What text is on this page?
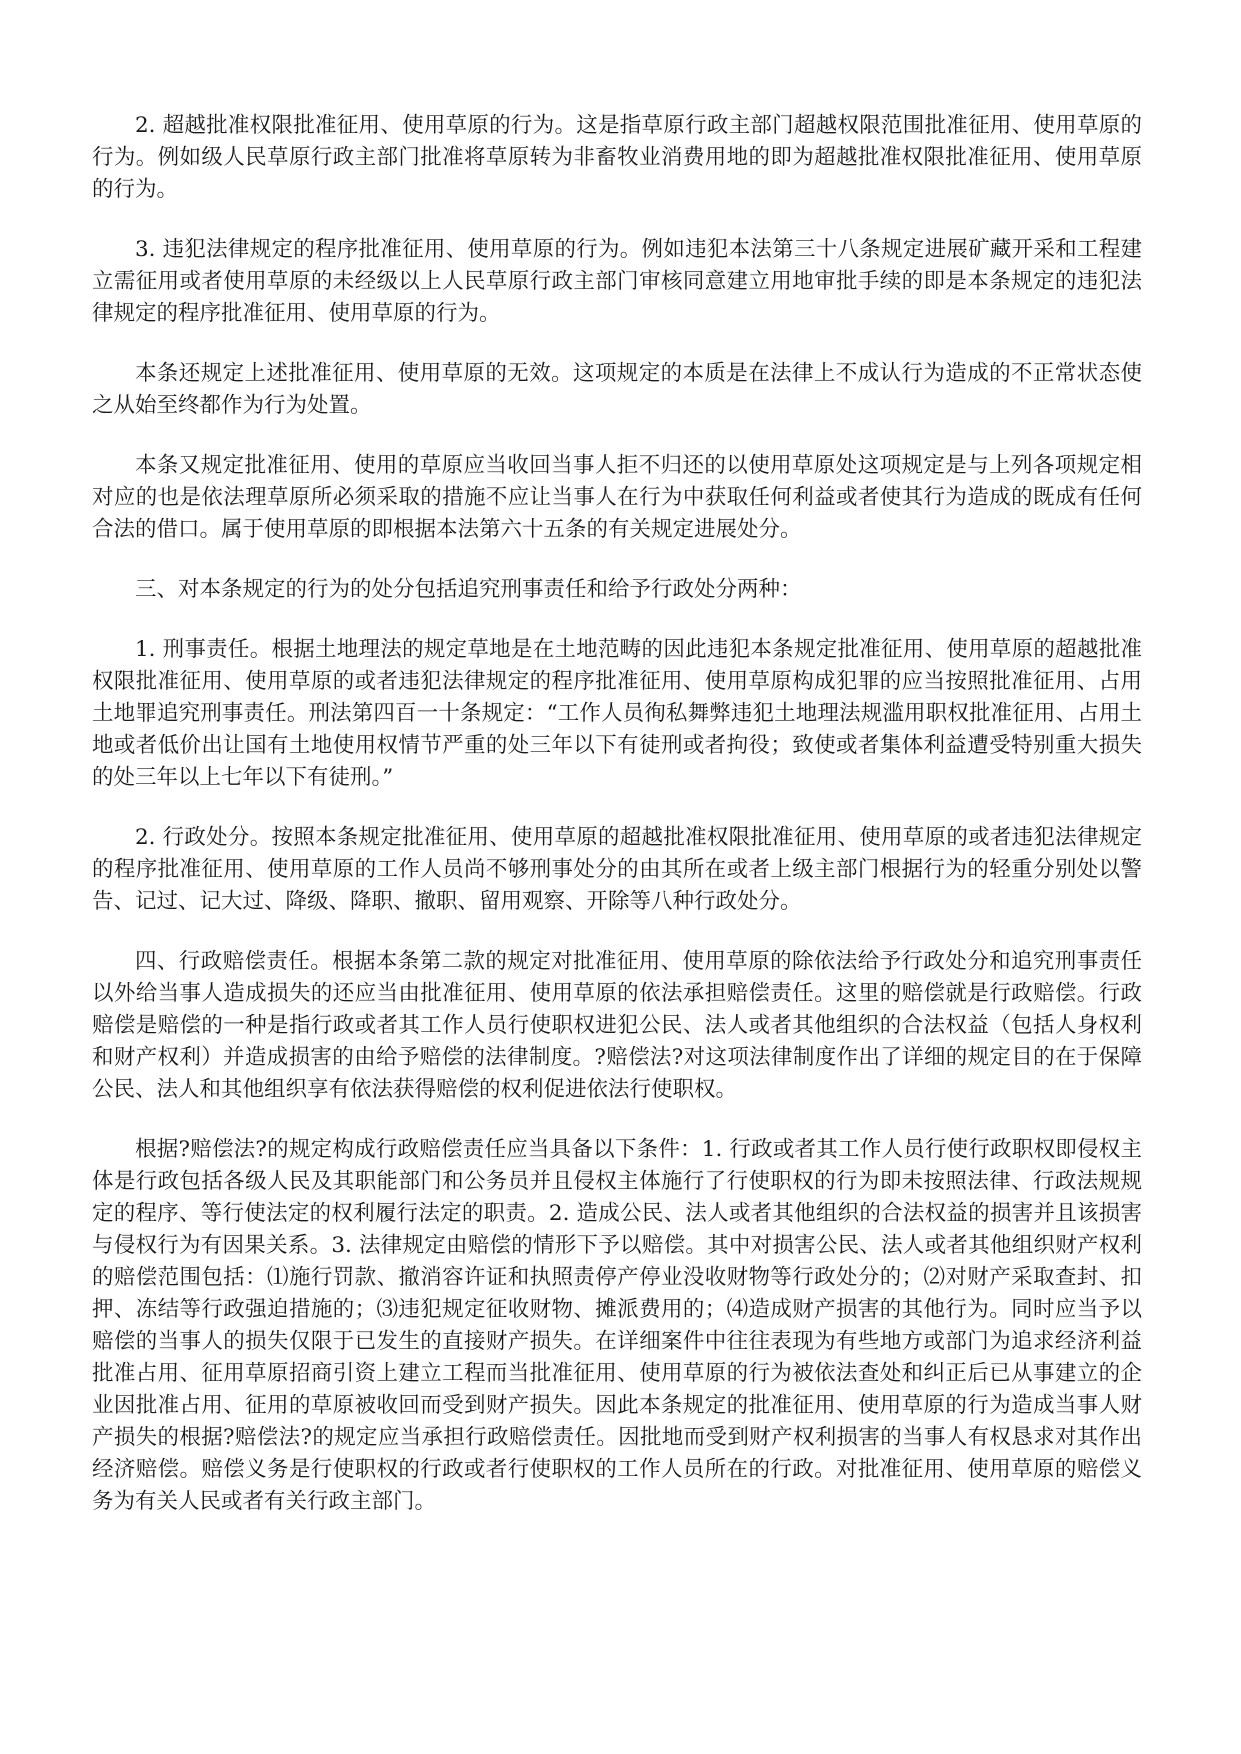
2. 超越批准权限批准征用、使用草原的行为。这是指草原行政主部门超越权限范围批准征用、使用草原的行为。例如级人民草原行政主部门批准将草原转为非畜牧业消费用地的即为超越批准权限批准征用、使用草原的行为。

3. 违犯法律规定的程序批准征用、使用草原的行为。例如违犯本法第三十八条规定进展矿藏开采和工程建立需征用或者使用草原的未经级以上人民草原行政主部门审核同意建立用地审批手续的即是本条规定的违犯法律规定的程序批准征用、使用草原的行为。

本条还规定上述批准征用、使用草原的无效。这项规定的本质是在法律上不成认行为造成的不正常状态使之从始至终都作为行为处置。

本条又规定批准征用、使用的草原应当收回当事人拒不归还的以使用草原处这项规定是与上列各项规定相对应的也是依法理草原所必须采取的措施不应让当事人在行为中获取任何利益或者使其行为造成的既成有任何合法的借口。属于使用草原的即根据本法第六十五条的有关规定进展处分。

三、对本条规定的行为的处分包括追究刑事责任和给予行政处分两种：

1. 刑事责任。根据土地理法的规定草地是在土地范畴的因此违犯本条规定批准征用、使用草原的超越批准权限批准征用、使用草原的或者违犯法律规定的程序批准征用、使用草原构成犯罪的应当按照批准征用、占用土地罪追究刑事责任。刑法第四百一十条规定：“工作人员徇私舞弊违犯土地理法规滥用职权批准征用、占用土地或者低价出让国有土地使用权情节严重的处三年以下有徒刑或者拘役；致使或者集体利益遭受特别重大损失的处三年以上七年以下有徒刑。”

2. 行政处分。按照本条规定批准征用、使用草原的超越批准权限批准征用、使用草原的或者违犯法律规定的程序批准征用、使用草原的工作人员尚不够刑事处分的由其所在或者上级主部门根据行为的轻重分别处以警告、记过、记大过、降级、降职、撤职、留用观察、开除等八种行政处分。

四、行政赔偿责任。根据本条第二款的规定对批准征用、使用草原的除依法给予行政处分和追究刑事责任以外给当事人造成损失的还应当由批准征用、使用草原的依法承担赔偿责任。这里的赔偿就是行政赔偿。行政赔偿是赔偿的一种是指行政或者其工作人员行使职权进犯公民、法人或者其他组织的合法权益（包括人身权利和财产权利）并造成损害的由给予赔偿的法律制度。?赔偿法?对这项法律制度作出了详细的规定目的在于保障公民、法人和其他组织享有依法获得赔偿的权利促进依法行使职权。

根据?赔偿法?的规定构成行政赔偿责任应当具备以下条件：1. 行政或者其工作人员行使行政职权即侵权主体是行政包括各级人民及其职能部门和公务员并且侵权主体施行了行使职权的行为即未按照法律、行政法规规定的程序、等行使法定的权利履行法定的职责。2. 造成公民、法人或者其他组织的合法权益的损害并且该损害与侵权行为有因果关系。3. 法律规定由赔偿的情形下予以赔偿。其中对损害公民、法人或者其他组织财产权利的赔偿范围包括：⑴施行罚款、撤消容许证和执照责停产停业没收财物等行政处分的；⑵对财产采取查封、扣押、冻结等行政强迫措施的；⑶违犯规定征收财物、摊派费用的；⑷造成财产损害的其他行为。同时应当予以赔偿的当事人的损失仅限于已发生的直接财产损失。在详细案件中往往表现为有些地方或部门为追求经济利益批准占用、征用草原招商引资上建立工程而当批准征用、使用草原的行为被依法查处和纠正后已从事建立的企业因批准占用、征用的草原被收回而受到财产损失。因此本条规定的批准征用、使用草原的行为造成当事人财产损失的根据?赔偿法?的规定应当承担行政赔偿责任。因批地而受到财产权利损害的当事人有权恳求对其作出经济赔偿。赔偿义务是行使职权的行政或者行使职权的工作人员所在的行政。对批准征用、使用草原的赔偿义务为有关人民或者有关行政主部门。
